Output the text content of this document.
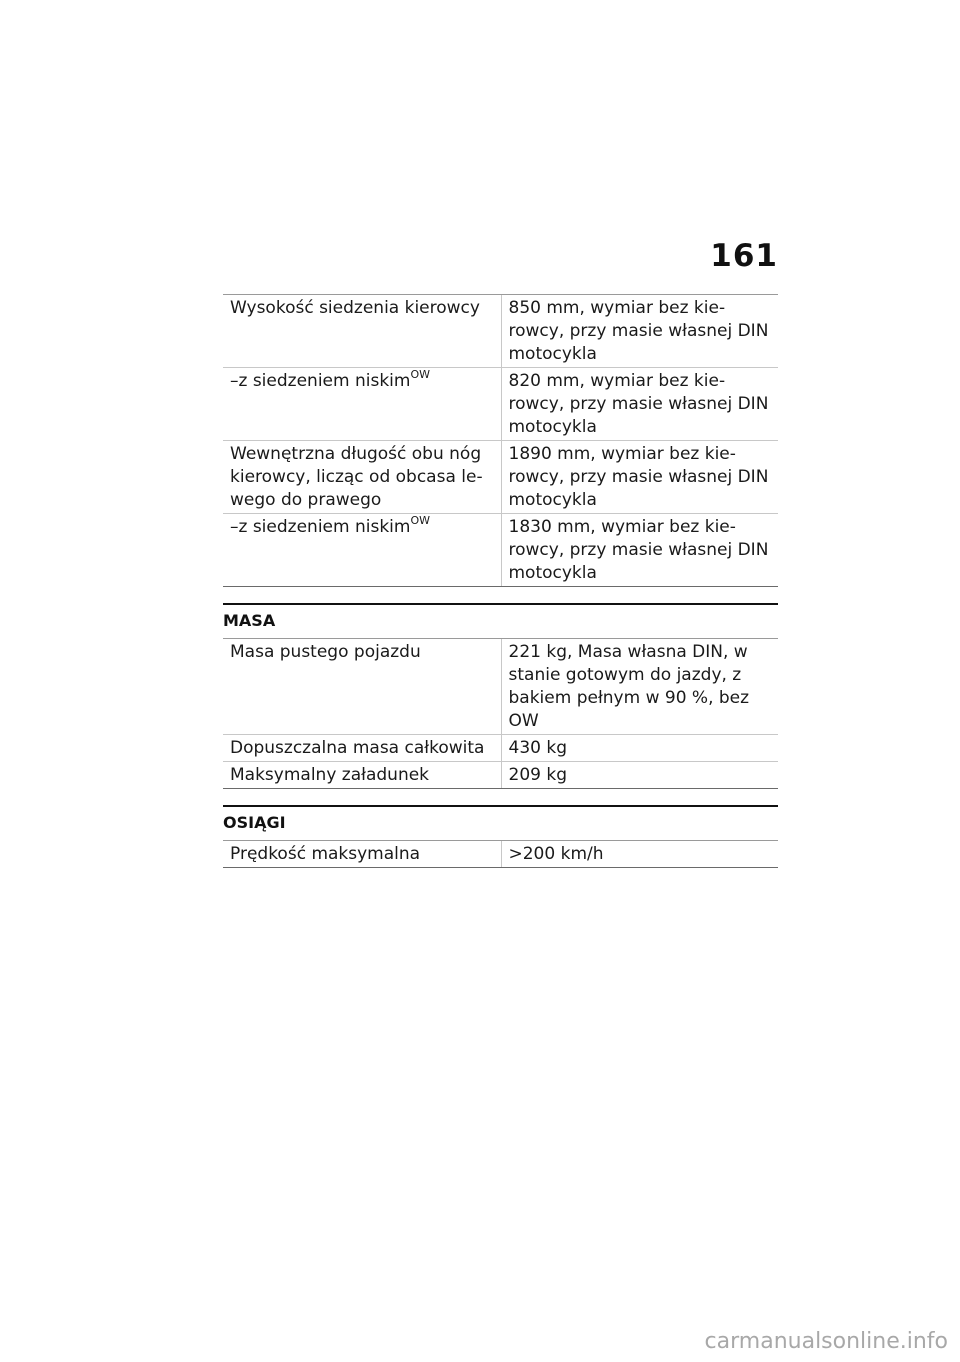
161
Wysokość siedzenia kierowcy	850 mm, wymiar bez kie-rowcy, przy masie własnej DIN motocykla
–z siedzeniem niskim$^{OW}$	820 mm, wymiar bez kie-rowcy, przy masie własnej DIN motocykla
Wewnętrzna długość obu nóg kierowcy, licząc od obcasa le-wego do prawego	1890 mm, wymiar bez kie-rowcy, przy masie własnej DIN motocykla
–z siedzeniem niskim$^{OW}$	1830 mm, wymiar bez kie-rowcy, przy masie własnej DIN motocykla
MASA
Masa pustego pojazdu	221 kg, Masa własna DIN, w stanie gotowym do jazdy, z bakiem pełnym w 90 %, bez OW
Dopuszczalna masa całkowita	430 kg
Maksymalny załadunek	209 kg
OSIĄGI
Prędkość maksymalna	>200 km/h
carmanualsonline.info
